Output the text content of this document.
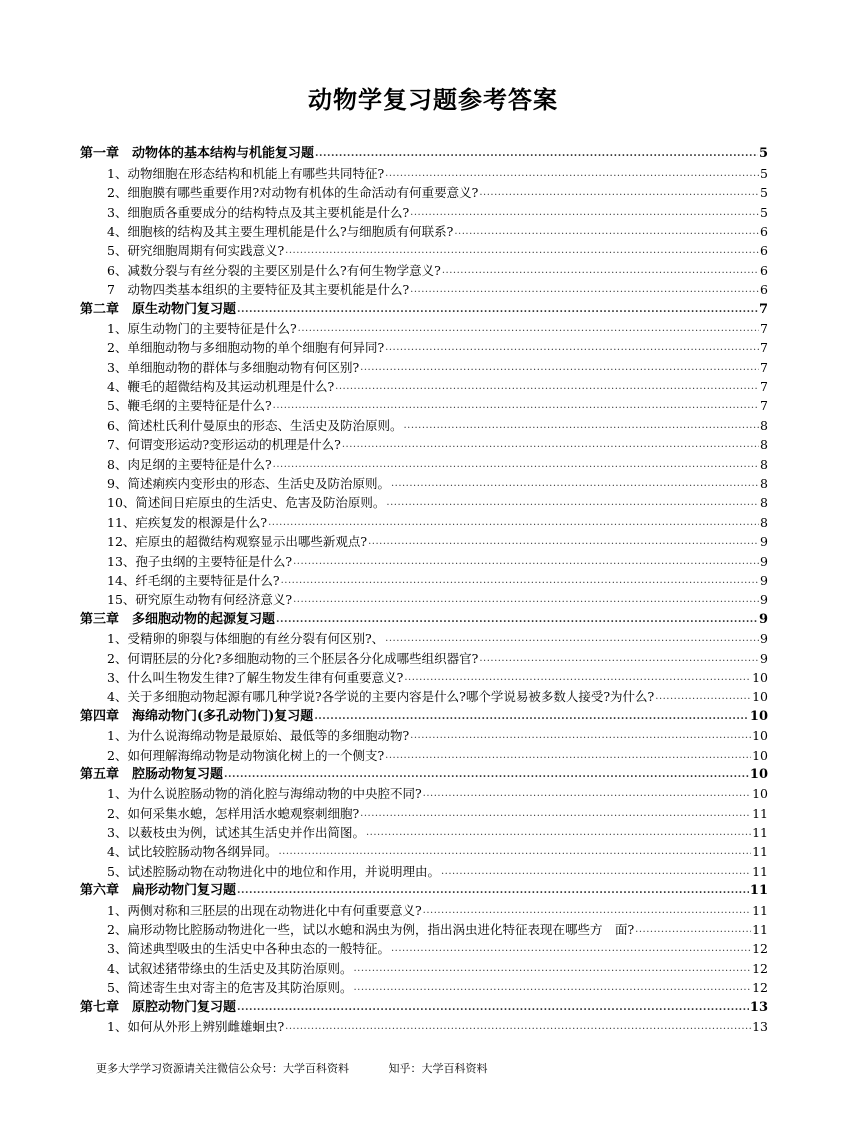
动物学复习题参考答案
第一章　动物体的基本结构与机能复习题 .....	5
1、动物细胞在形态结构和机能上有哪些共同特征? .....	5
2、细胞膜有哪些重要作用?对动物有机体的生命活动有何重要意义? .....	5
3、细胞质各重要成分的结构特点及其主要机能是什么? .....	5
4、细胞核的结构及其主要生理机能是什么?与细胞质有何联系? .....	6
5、研究细胞周期有何实践意义? .....	6
6、减数分裂与有丝分裂的主要区别是什么?有何生物学意义? .....	6
7　动物四类基本组织的主要特征及其主要机能是什么? .....	6
第二章　原生动物门复习题 .....	7
1、原生动物门的主要特征是什么? .....	7
2、单细胞动物与多细胞动物的单个细胞有何异同? .....	7
3、单细胞动物的群体与多细胞动物有何区别? .....	7
4、鞭毛的超微结构及其运动机理是什么? .....	7
5、鞭毛纲的主要特征是什么? .....	7
6、简述杜氏利什曼原虫的形态、生活史及防治原则。 .....	8
7、何谓变形运动?变形运动的机理是什么? .....	8
8、肉足纲的主要特征是什么? .....	8
9、简述痢疾内变形虫的形态、生活史及防治原则。 .....	8
10、简述间日疟原虫的生活史、危害及防治原则。 .....	8
11、疟疾复发的根源是什么? .....	8
12、疟原虫的超微结构观察显示出哪些新观点? .....	9
13、孢子虫纲的主要特征是什么? .....	9
14、纤毛纲的主要特征是什么? .....	9
15、研究原生动物有何经济意义? .....	9
第三章　多细胞动物的起源复习题 .....	9
1、受精卵的卵裂与体细胞的有丝分裂有何区别?、 .....	9
2、何谓胚层的分化?多细胞动物的三个胚层各分化成哪些组织器官? .....	9
3、什么叫生物发生律?了解生物发生律有何重要意义? .....	10
4、关于多细胞动物起源有哪几种学说?各学说的主要内容是什么?哪个学说易被多数人接受?为什么? .....	10
第四章　海绵动物门(多孔动物门)复习题 .....	10
1、为什么说海绵动物是最原始、最低等的多细胞动物? .....	10
2、如何理解海绵动物是动物演化树上的一个侧支? .....	10
第五章　腔肠动物复习题 .....	10
1、为什么说腔肠动物的消化腔与海绵动物的中央腔不同? .....	10
2、如何采集水螅，怎样用活水螅观察刺细胞? .....	11
3、以薮枝虫为例，试述其生活史并作出简图。 .....	11
4、试比较腔肠动物各纲异同。 .....	11
5、试述腔肠动物在动物进化中的地位和作用，并说明理由。 .....	11
第六章　扁形动物门复习题 .....	11
1、两侧对称和三胚层的出现在动物进化中有何重要意义? .....	11
2、扁形动物比腔肠动物进化一些，试以水螅和涡虫为例，指出涡虫进化特征表现在哪些方　面? .....	11
3、简述典型吸虫的生活史中各种虫态的一般特征。 .....	12
4、试叙述猪带绦虫的生活史及其防治原则。 .....	12
5、简述寄生虫对寄主的危害及其防治原则。 .....	12
第七章　原腔动物门复习题 .....	13
1、如何从外形上辨别雌雄蛔虫? .....	13
更多大学学习资源请关注微信公众号：大学百科资料	知乎：大学百科资料
